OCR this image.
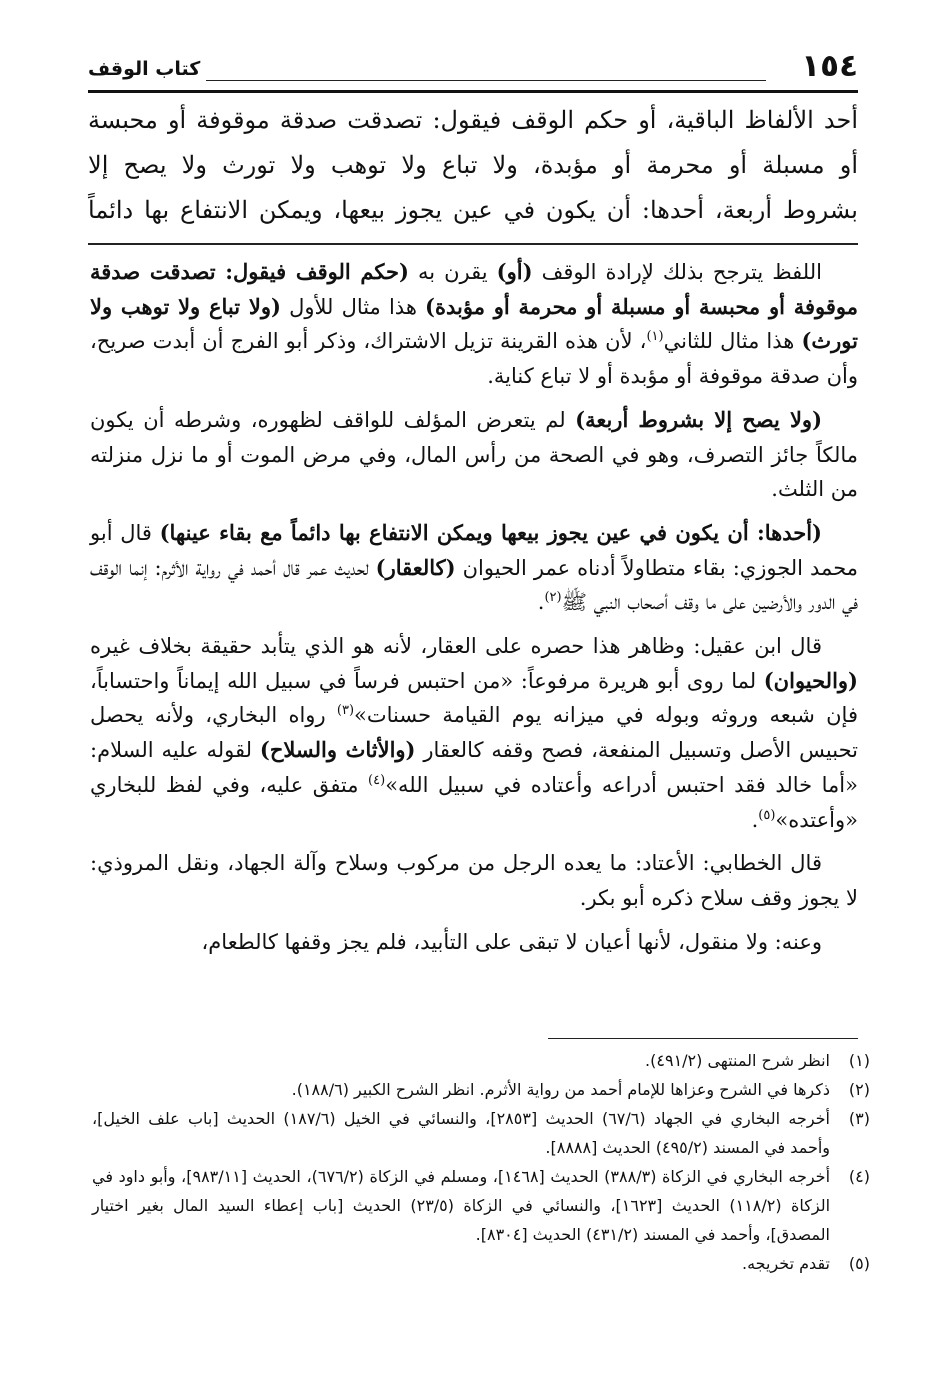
١٥٤
كتاب الوقف
أحد الألفاظ الباقية، أو حكم الوقف فيقول: تصدقت صدقة موقوفة أو محبسة
أو مسبلة أو محرمة أو مؤبدة، ولا تباع ولا توهب ولا تورث ولا يصح إلا
بشروط أربعة، أحدها: أن يكون في عين يجوز بيعها، ويمكن الانتفاع بها دائماً

اللفظ يترجح بذلك لإرادة الوقف (أو) يقرن به (حكم الوقف فيقول: تصدقت صدقة موقوفة أو محبسة أو مسبلة أو محرمة أو مؤبدة) هذا مثال للأول (ولا تباع ولا توهب ولا تورث) هذا مثال للثاني$^{(١)}$، لأن هذه القرينة تزيل الاشتراك، وذكر أبو الفرج أن أبدت صريح، وأن صدقة موقوفة أو مؤبدة أو لا تباع كناية.

(ولا يصح إلا بشروط أربعة) لم يتعرض المؤلف للواقف لظهوره، وشرطه أن يكون مالكاً جائز التصرف، وهو في الصحة من رأس المال، وفي مرض الموت أو ما نزل منزلته من الثلث.

(أحدها: أن يكون في عين يجوز بيعها ويمكن الانتفاع بها دائماً مع بقاء عينها) قال أبو محمد الجوزي: بقاء متطاولاً أدناه عمر الحيوان (كالعقار) لحديث عمر قال أحمد في رواية الأثرم: إنما الوقف في الدور والأرضين على ما وقف أصحاب النبي ﷺ$^{(٢)}$.

قال ابن عقيل: وظاهر هذا حصره على العقار، لأنه هو الذي يتأبد حقيقة بخلاف غيره (والحيوان) لما روى أبو هريرة مرفوعاً: «من احتبس فرساً في سبيل الله إيماناً واحتساباً، فإن شبعه وروثه وبوله في ميزانه يوم القيامة حسنات»$^{(٣)}$ رواه البخاري، ولأنه يحصل تحبيس الأصل وتسبيل المنفعة، فصح وقفه كالعقار (والأثاث والسلاح) لقوله عليه السلام: «أما خالد فقد احتبس أدراعه وأعتاده في سبيل الله»$^{(٤)}$ متفق عليه، وفي لفظ للبخاري «وأعتده»$^{(٥)}$.

قال الخطابي: الأعتاد: ما يعده الرجل من مركوب وسلاح وآلة الجهاد، ونقل المروذي: لا يجوز وقف سلاح ذكره أبو بكر.

وعنه: ولا منقول، لأنها أعيان لا تبقى على التأبيد، فلم يجز وقفها كالطعام،

(١)
انظر شرح المنتهى (٤٩١/٢).
(٢)
ذكرها في الشرح وعزاها للإمام أحمد من رواية الأثرم. انظر الشرح الكبير (١٨٨/٦).
(٣)
أخرجه البخاري في الجهاد (٦٧/٦) الحديث [٢٨٥٣]، والنسائي في الخيل (١٨٧/٦) الحديث [باب علف الخيل]، وأحمد في المسند (٤٩٥/٢) الحديث [٨٨٨٨].
(٤)
أخرجه البخاري في الزكاة (٣٨٨/٣) الحديث [١٤٦٨]، ومسلم في الزكاة (٦٧٦/٢)، الحديث [٩٨٣/١١]، وأبو داود في الزكاة (١١٨/٢) الحديث [١٦٢٣]، والنسائي في الزكاة (٢٣/٥) الحديث [باب إعطاء السيد المال بغير اختيار المصدق]، وأحمد في المسند (٤٣١/٢) الحديث [٨٣٠٤].
(٥)
تقدم تخريجه.
